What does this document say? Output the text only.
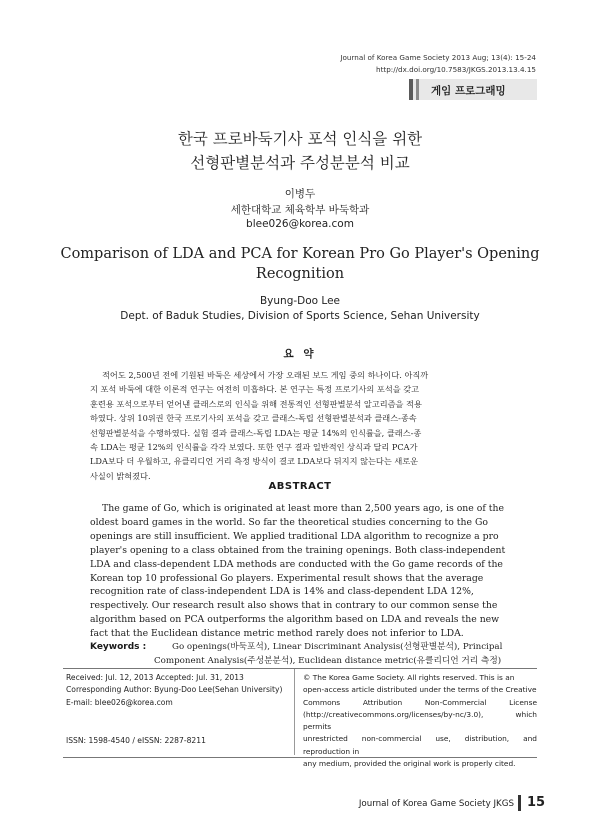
Journal of Korea Game Society 2013 Aug; 13(4): 15-24
http://dx.doi.org/10.7583/JKGS.2013.13.4.15
게임 프로그래밍
한국 프로바둑기사 포석 인식을 위한
선형판별분석과 주성분분석 비교
이병두
세한대학교 체육학부 바둑학과
blee026@korea.com
Comparison of LDA and PCA for Korean Pro Go Player's Opening
Recognition
Byung-Doo Lee
Dept. of Baduk Studies, Division of Sports Science, Sehan University
요 약
적어도 2,500년 전에 기원된 바둑은 세상에서 가장 오래된 보드 게임 중의 하나이다. 아직까
지 포석 바둑에 대한 이론적 연구는 여전히 미흡하다. 본 연구는 특정 프로기사의 포석을 갖고
훈련용 포석으로부터 얻어낸 클래스로의 인식을 위해 전통적인 선형판별분석 알고리즘을 적용
하였다. 상위 10위권 한국 프로기사의 포석을 갖고 클래스-독립 선형판별분석과 클래스-종속
선형판별분석을 수행하였다. 실험 결과 클래스-독립 LDA는 평균 14%의 인식률을, 클래스-종
속 LDA는 평균 12%의 인식률을 각각 보였다. 또한 연구 결과 일반적인 상식과 달리 PCA가
LDA보다 더 우월하고, 유클리디언 거리 측정 방식이 결코 LDA보다 뒤지지 않는다는 새로운
사실이 밝혀졌다.
ABSTRACT
The game of Go, which is originated at least more than 2,500 years ago, is one of the
oldest board games in the world. So far the theoretical studies concerning to the Go
openings are still insufficient. We applied traditional LDA algorithm to recognize a pro
player's opening to a class obtained from the training openings. Both class-independent
LDA and class-dependent LDA methods are conducted with the Go game records of the
Korean top 10 professional Go players. Experimental result shows that the average
recognition rate of class-independent LDA is 14% and class-dependent LDA 12%,
respectively. Our research result also shows that in contrary to our common sense the
algorithm based on PCA outperforms the algorithm based on LDA and reveals the new
fact that the Euclidean distance metric method rarely does not inferior to LDA.
Keywords :	Go openings(바둑포석), Linear Discriminant Analysis(선형판별분석), Principal
Component Analysis(주성분분석), Euclidean distance metric(유클리디언 거리 측정)
Received: Jul. 12, 2013 Accepted: Jul. 31, 2013
Corresponding Author: Byung-Doo Lee(Sehan University)
E-mail: blee026@korea.com
ISSN: 1598-4540 / eISSN: 2287-8211
© The Korea Game Society. All rights reserved. This is an
open-access article distributed under the terms of the Creative
Commons Attribution Non-Commercial License
(http://creativecommons.org/licenses/by-nc/3.0), which permits
unrestricted non-commercial use, distribution, and reproduction in
any medium, provided the original work is properly cited.
Journal of Korea Game Society JKGS 15
